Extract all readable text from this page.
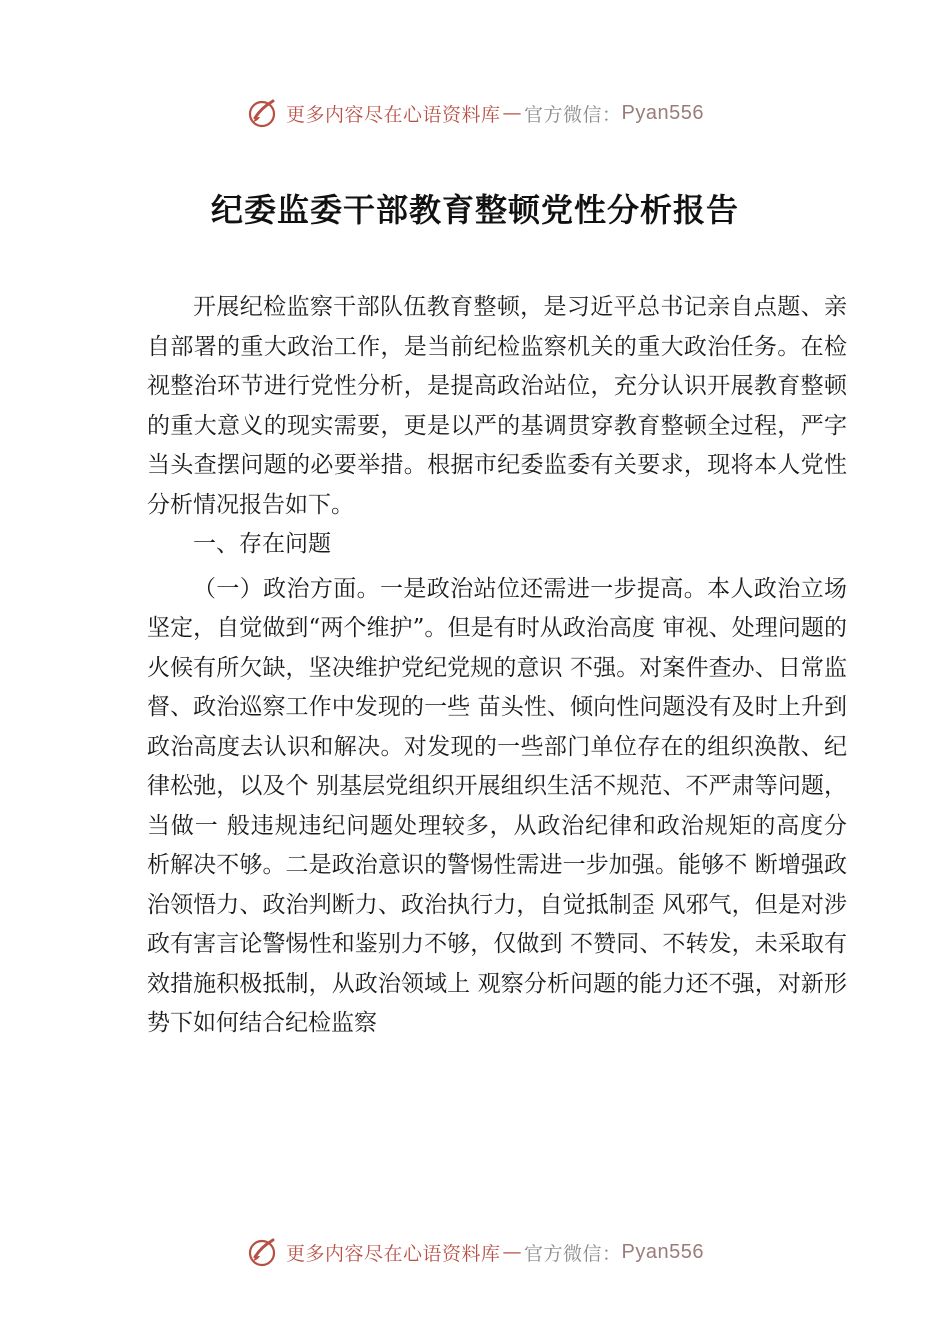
更多内容尽在心语资料库 — 官方微信： Pyan556
纪委监委干部教育整顿党性分析报告

开展纪检监察干部队伍教育整顿，是习近平总书记亲自点题、亲自部署的重大政治工作，是当前纪检监察机关的重大政治任务。在检视整治环节进行党性分析，是提高政治站位，充分认识开展教育整顿的重大意义的现实需要，更是以严的基调贯穿教育整顿全过程，严字当头查摆问题的必要举措。根据市纪委监委有关要求，现将本人党性分析情况报告如下。

一、存在问题

（一）政治方面。一是政治站位还需进一步提高。本人政治立场坚定，自觉做到“两个维护”。但是有时从政治高度 审视、处理问题的火候有所欠缺，坚决维护党纪党规的意识 不强。对案件查办、日常监督、政治巡察工作中发现的一些 苗头性、倾向性问题没有及时上升到政治高度去认识和解决。对发现的一些部门单位存在的组织涣散、纪律松弛，以及个 别基层党组织开展组织生活不规范、不严肃等问题，当做一 般违规违纪问题处理较多，从政治纪律和政治规矩的高度分 析解决不够。二是政治意识的警惕性需进一步加强。能够不 断增强政治领悟力、政治判断力、政治执行力，自觉抵制歪 风邪气，但是对涉政有害言论警惕性和鉴别力不够，仅做到 不赞同、不转发，未采取有效措施积极抵制，从政治领域上 观察分析问题的能力还不强，对新形势下如何结合纪检监察

更多内容尽在心语资料库 — 官方微信： Pyan556
